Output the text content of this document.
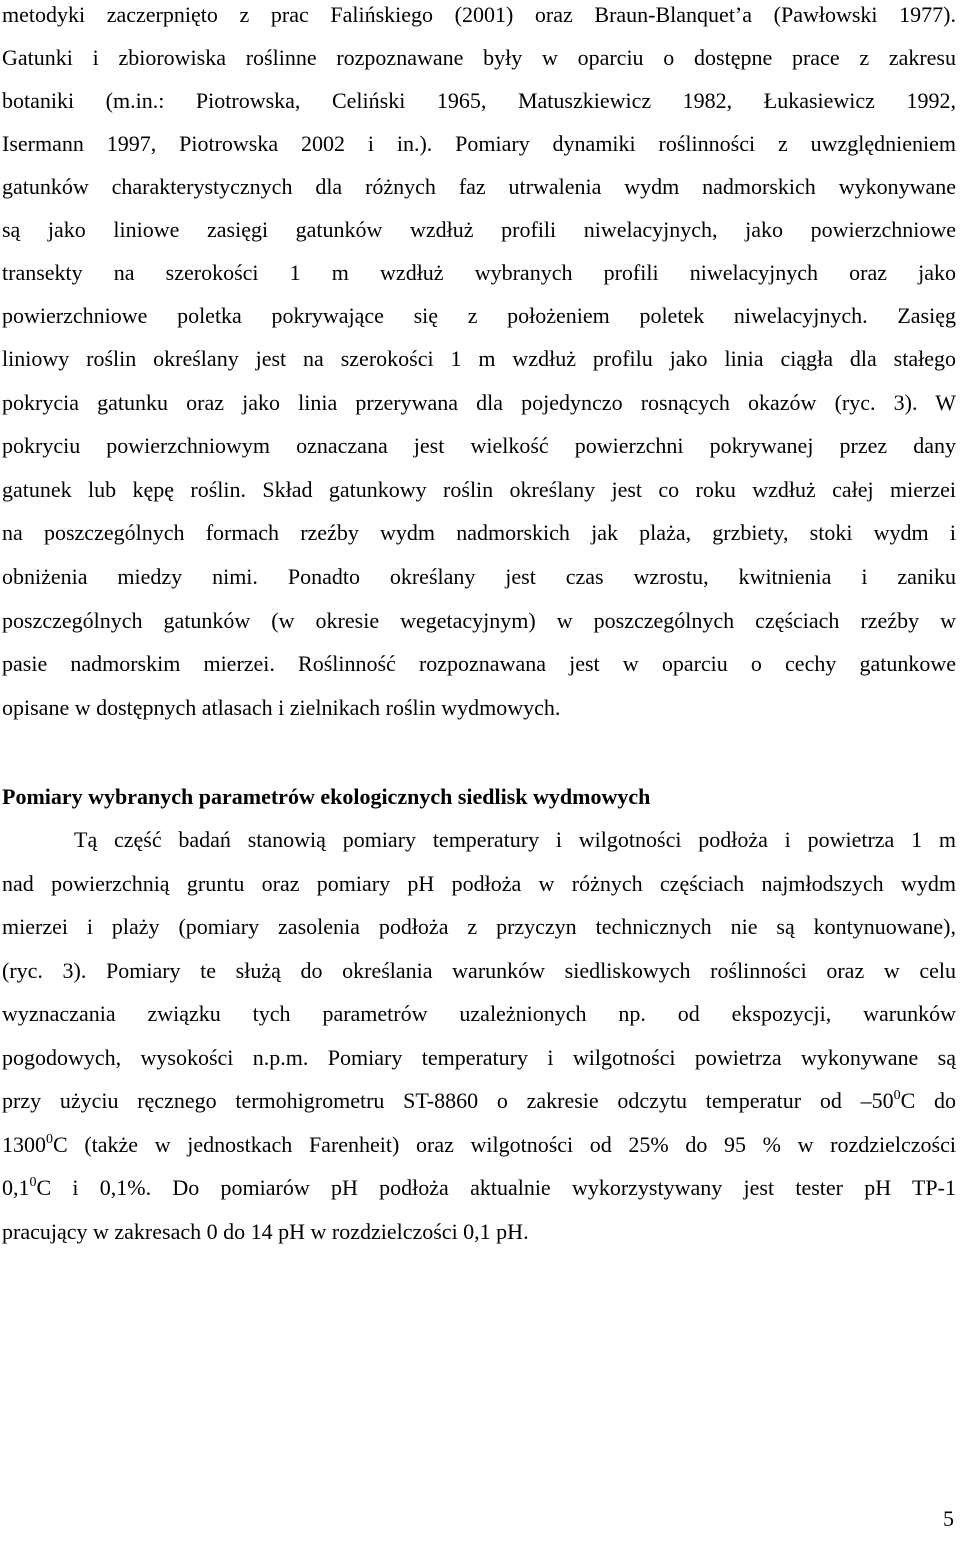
metodyki zaczerpnięto z prac Falińskiego (2001) oraz Braun-Blanquet’a (Pawłowski 1977).
Gatunki i zbiorowiska roślinne rozpoznawane były w oparciu o dostępne prace z zakresu
botaniki (m.in.: Piotrowska, Celiński 1965, Matuszkiewicz 1982, Łukasiewicz 1992,
Isermann 1997, Piotrowska 2002 i in.). Pomiary dynamiki roślinności z uwzględnieniem
gatunków charakterystycznych dla różnych faz utrwalenia wydm nadmorskich wykonywane
są jako liniowe zasięgi gatunków wzdłuż profili niwelacyjnych, jako powierzchniowe
transekty na szerokości 1 m wzdłuż wybranych profili niwelacyjnych oraz jako
powierzchniowe poletka pokrywające się z położeniem poletek niwelacyjnych. Zasięg
liniowy roślin określany jest na szerokości 1 m wzdłuż profilu jako linia ciągła dla stałego
pokrycia gatunku oraz jako linia przerywana dla pojedynczo rosnących okazów (ryc. 3). W
pokryciu powierzchniowym oznaczana jest wielkość powierzchni pokrywanej przez dany
gatunek lub kępę roślin. Skład gatunkowy roślin określany jest co roku wzdłuż całej mierzei
na poszczególnych formach rzeźby wydm nadmorskich jak plaża, grzbiety, stoki wydm i
obniżenia miedzy nimi. Ponadto określany jest czas wzrostu, kwitnienia i zaniku
poszczególnych gatunków (w okresie wegetacyjnym) w poszczególnych częściach rzeźby w
pasie nadmorskim mierzei. Roślinność rozpoznawana jest w oparciu o cechy gatunkowe
opisane w dostępnych atlasach i zielnikach roślin wydmowych.
Pomiary wybranych parametrów ekologicznych siedlisk wydmowych
Tą część badań stanowią pomiary temperatury i wilgotności podłoża i powietrza 1 m
nad powierzchnią gruntu oraz pomiary pH podłoża w różnych częściach najmłodszych wydm
mierzei i plaży (pomiary zasolenia podłoża z przyczyn technicznych nie są kontynuowane),
(ryc. 3). Pomiary te służą do określania warunków siedliskowych roślinności oraz w celu
wyznaczania związku tych parametrów uzależnionych np. od ekspozycji, warunków
pogodowych, wysokości n.p.m. Pomiary temperatury i wilgotności powietrza wykonywane są
przy użyciu ręcznego termohigrometru ST-8860 o zakresie odczytu temperatur od $-50^0C$ do
1300$^0$C (także w jednostkach Farenheit) oraz wilgotności od 25% do 95 % w rozdzielczości
$0,1^0C$ i 0,1%. Do pomiarów pH podłoża aktualnie wykorzystywany jest tester pH TP-1
pracujący w zakresach 0 do 14 pH w rozdzielczości 0,1 pH.
5
